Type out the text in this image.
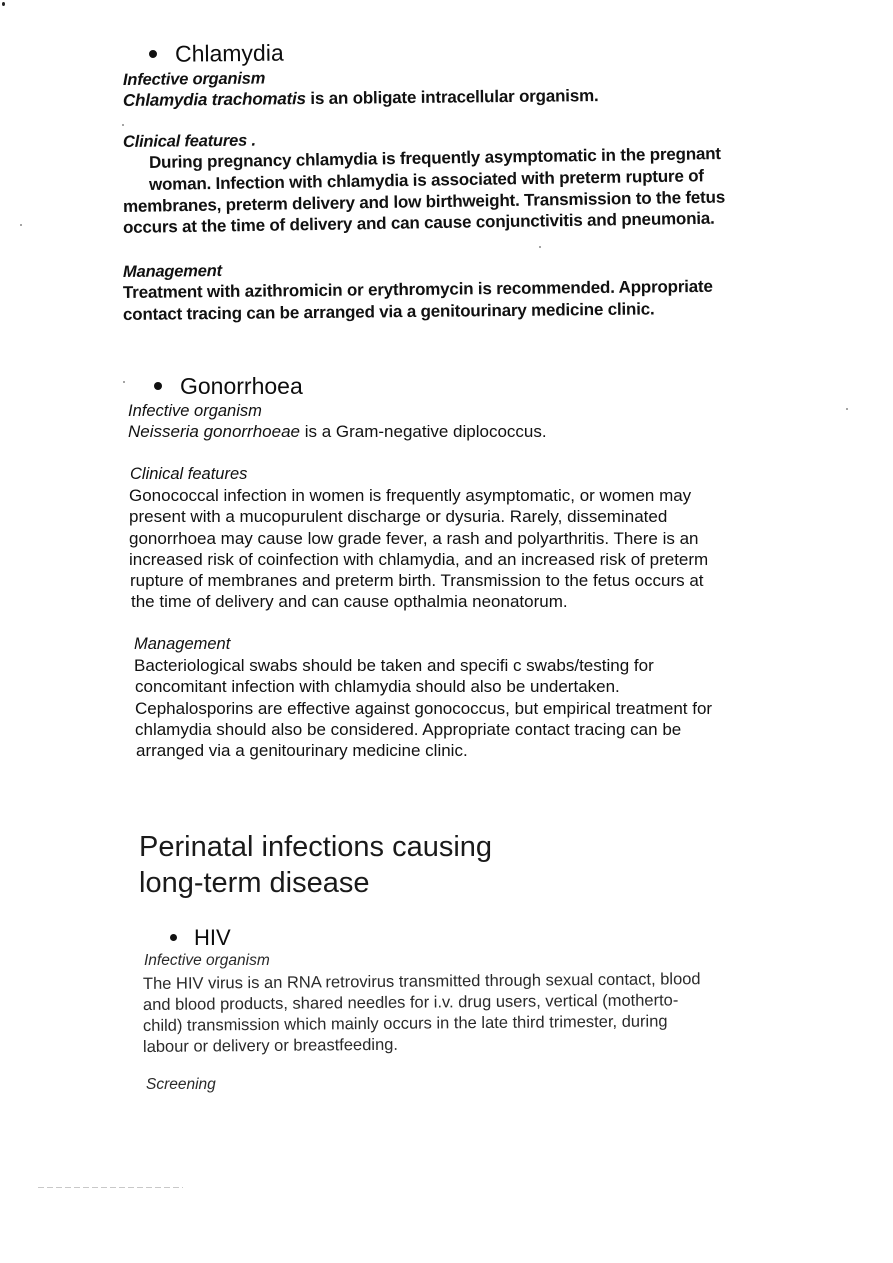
Chlamydia
Infective organism
Chlamydia trachomatis is an obligate intracellular organism.
Clinical features .
During pregnancy chlamydia is frequently asymptomatic in the pregnant
woman. Infection with chlamydia is associated with preterm rupture of
membranes, preterm delivery and low birthweight. Transmission to the fetus
occurs at the time of delivery and can cause conjunctivitis and pneumonia.
Management
Treatment with azithromicin or erythromycin is recommended. Appropriate
contact tracing can be arranged via a genitourinary medicine clinic.
Gonorrhoea
Infective organism
Neisseria gonorrhoeae is a Gram-negative diplococcus.
Clinical features
Gonococcal infection in women is frequently asymptomatic, or women may
present with a mucopurulent discharge or dysuria. Rarely, disseminated
gonorrhoea may cause low grade fever, a rash and polyarthritis. There is an
increased risk of coinfection with chlamydia, and an increased risk of preterm
rupture of membranes and preterm birth. Transmission to the fetus occurs at
the time of delivery and can cause opthalmia neonatorum.
Management
Bacteriological swabs should be taken and specifi c swabs/testing for
concomitant infection with chlamydia should also be undertaken.
Cephalosporins are effective against gonococcus, but empirical treatment for
chlamydia should also be considered. Appropriate contact tracing can be
arranged via a genitourinary medicine clinic.
Perinatal infections causing
long-term disease
HIV
Infective organism
The HIV virus is an RNA retrovirus transmitted through sexual contact, blood
and blood products, shared needles for i.v. drug users, vertical (motherto-
child) transmission which mainly occurs in the late third trimester, during
labour or delivery or breastfeeding.
Screening
